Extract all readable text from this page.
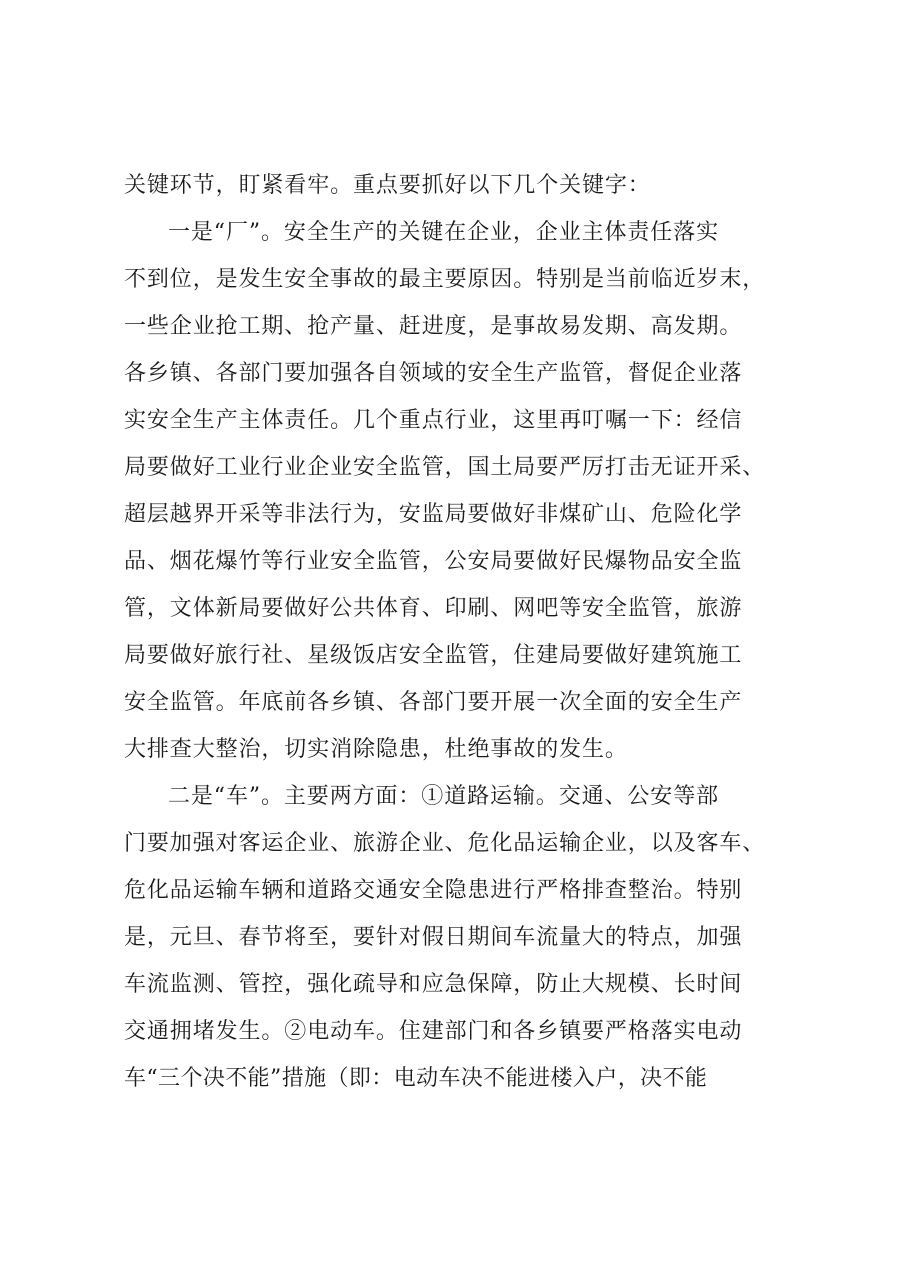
关键环节，盯紧看牢。重点要抓好以下几个关键字：
一是“厂”。安全生产的关键在企业，企业主体责任落实
不到位，是发生安全事故的最主要原因。特别是当前临近岁末，
一些企业抢工期、抢产量、赶进度，是事故易发期、高发期。
各乡镇、各部门要加强各自领域的安全生产监管，督促企业落
实安全生产主体责任。几个重点行业，这里再叮嘱一下：经信
局要做好工业行业企业安全监管，国土局要严厉打击无证开采、
超层越界开采等非法行为，安监局要做好非煤矿山、危险化学
品、烟花爆竹等行业安全监管，公安局要做好民爆物品安全监
管，文体新局要做好公共体育、印刷、网吧等安全监管，旅游
局要做好旅行社、星级饭店安全监管，住建局要做好建筑施工
安全监管。年底前各乡镇、各部门要开展一次全面的安全生产
大排查大整治，切实消除隐患，杜绝事故的发生。
二是“车”。主要两方面：①道路运输。交通、公安等部
门要加强对客运企业、旅游企业、危化品运输企业，以及客车、
危化品运输车辆和道路交通安全隐患进行严格排查整治。特别
是，元旦、春节将至，要针对假日期间车流量大的特点，加强
车流监测、管控，强化疏导和应急保障，防止大规模、长时间
交通拥堵发生。②电动车。住建部门和各乡镇要严格落实电动
车“三个决不能”措施（即：电动车决不能进楼入户，决不能
